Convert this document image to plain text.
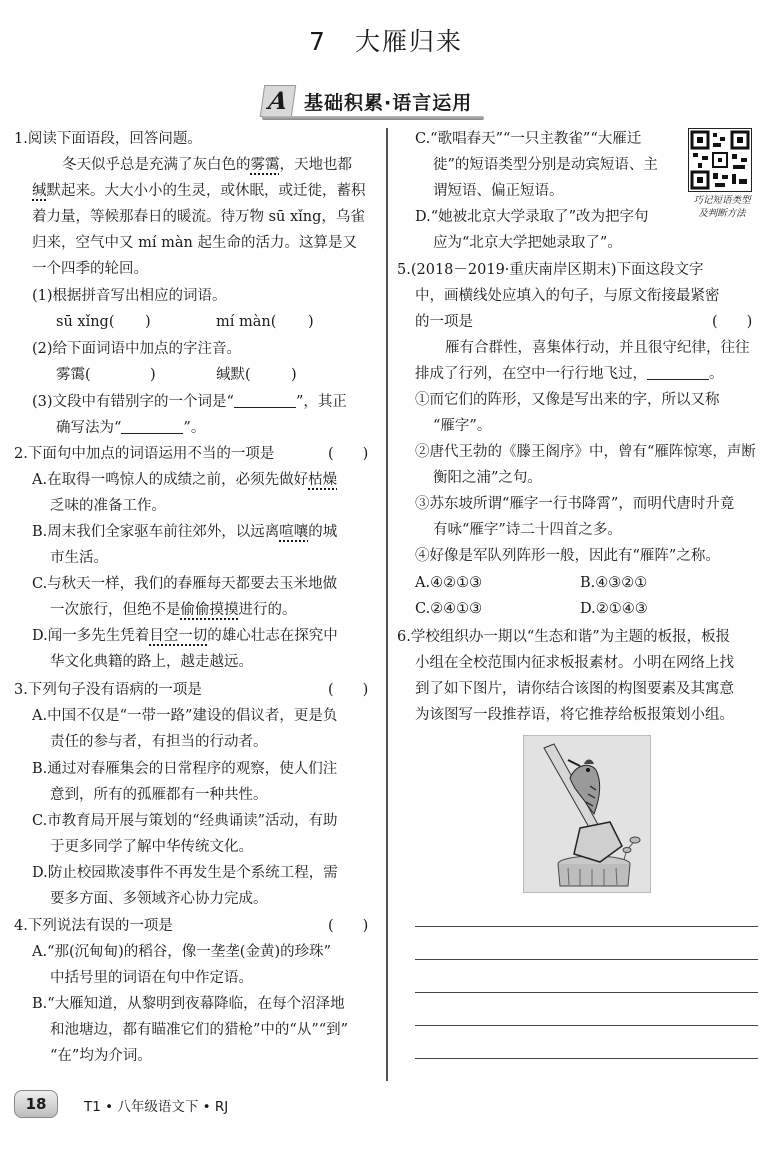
7 大雁归来
A 基础积累·语言运用
1.阅读下面语段，回答问题。
冬天似乎总是充满了灰白色的雾霭，天地也都
缄默起来。大大小小的生灵，或休眠，或迁徙，蓄积
着力量，等候那春日的暖流。待万物 sū xǐng，乌雀
归来，空气中又 mí màn 起生命的活力。这算是又
一个四季的轮回。
(1)根据拼音写出相应的词语。
sū xǐng( )	mí màn( )
(2)给下面词语中加点的字注音。
雾霭(	)	缄默(	)
(3)文段中有错别字的一个词是“	”，其正
确写法为“	”。
2.下面句中加点的词语运用不当的一项是	(　　)
A.在取得一鸣惊人的成绩之前，必须先做好枯燥
乏味的准备工作。
B.周末我们全家驱车前往郊外，以远离喧嚷的城
市生活。
C.与秋天一样，我们的春雁每天都要去玉米地做
一次旅行，但绝不是偷偷摸摸进行的。
D.闻一多先生凭着目空一切的雄心壮志在探究中
华文化典籍的路上，越走越远。
3.下列句子没有语病的一项是	(　　)
A.中国不仅是“一带一路”建设的倡议者，更是负
责任的参与者，有担当的行动者。
B.通过对春雁集会的日常程序的观察，使人们注
意到，所有的孤雁都有一种共性。
C.市教育局开展与策划的“经典诵读”活动，有助
于更多同学了解中华传统文化。
D.防止校园欺凌事件不再发生是个系统工程，需
要多方面、多领域齐心协力完成。
4.下列说法有误的一项是	(　　)
A.“那(沉甸甸)的稻谷，像一垄垄(金黄)的珍珠”
中括号里的词语在句中作定语。
B.“大雁知道，从黎明到夜幕降临，在每个沼泽地
和池塘边，都有瞄准它们的猎枪”中的“从”“到”
“在”均为介词。
C.“歌唱春天”“一只主教雀”“大雁迁
徙”的短语类型分别是动宾短语、主
谓短语、偏正短语。
D.“她被北京大学录取了”改为把字句
应为“北京大学把她录取了”。
巧记短语类型
及判断方法
5.(2018－2019·重庆南岸区期末)下面这段文字
中，画横线处应填入的句子，与原文衔接最紧密
的一项是	(　　)
雁有合群性，喜集体行动，并且很守纪律，往往
排成了行列，在空中一行行地飞过，	。
①而它们的阵形，又像是写出来的字，所以又称
“雁字”。
②唐代王勃的《滕王阁序》中，曾有“雁阵惊寒，声断
衡阳之浦”之句。
③苏东坡所谓“雁字一行书降霄”，而明代唐时升竟
有咏“雁字”诗二十四首之多。
④好像是军队列阵形一般，因此有“雁阵”之称。
A.④②①③	B.④③②①
C.②④①③	D.②①④③
6.学校组织办一期以“生态和谐”为主题的板报，板报
小组在全校范围内征求板报素材。小明在网络上找
到了如下图片，请你结合该图的构图要素及其寓意
为该图写一段推荐语，将它推荐给板报策划小组。
18	T1 • 八年级语文下 • RJ
